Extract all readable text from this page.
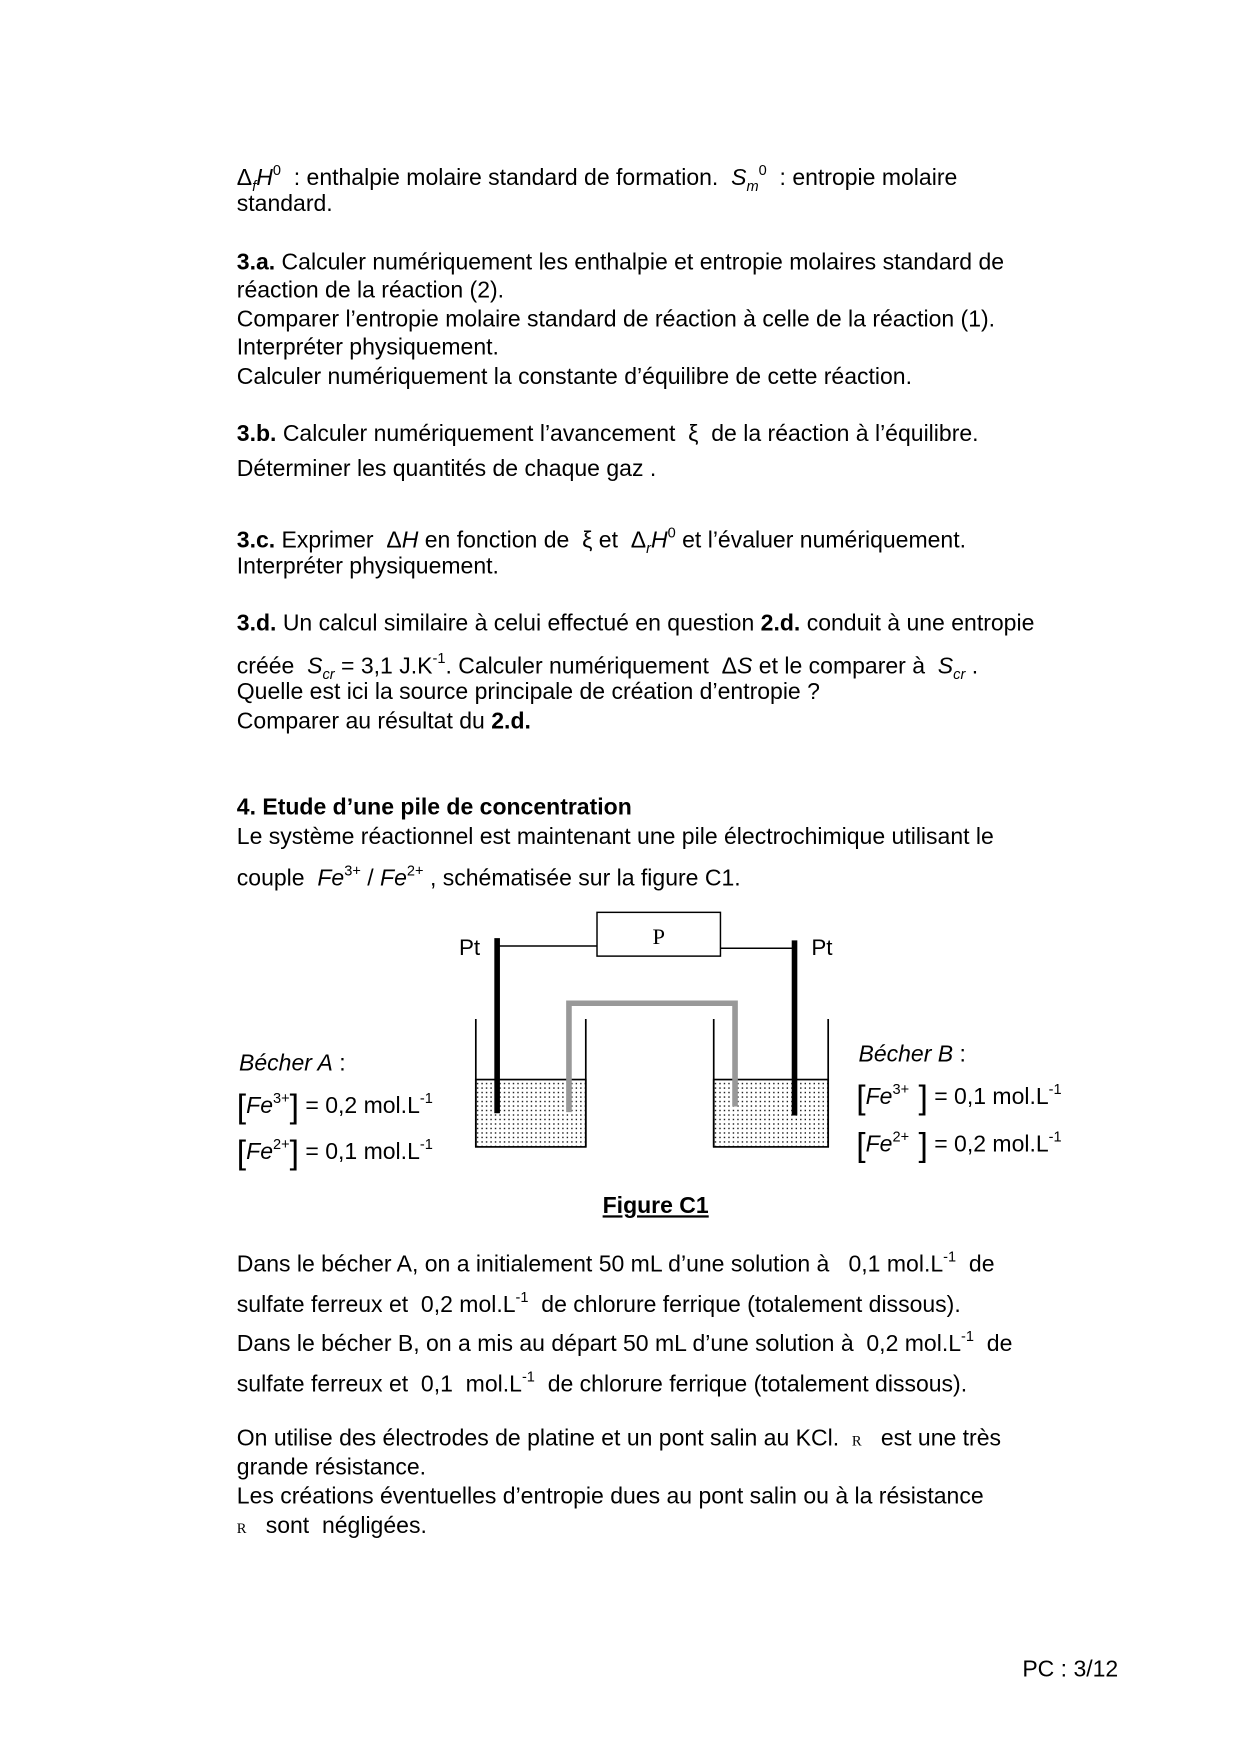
$\Delta_fH^0$  : enthalpie molaire standard de formation.  $S_m^0$  : entropie molaire
standard.
3.a. Calculer numériquement les enthalpie et entropie molaires standard de
réaction de la réaction (2).
Comparer l’entropie molaire standard de réaction à celle de la réaction (1).
Interpréter physiquement.
Calculer numériquement la constante d’équilibre de cette réaction.
3.b. Calculer numériquement l’avancement  ξ  de la réaction à l’équilibre.
Déterminer les quantités de chaque gaz .
3.c. Exprimer  ΔH en fonction de  ξ et  $\Delta_rH^0$ et l’évaluer numériquement.
Interpréter physiquement.
3.d. Un calcul similaire à celui effectué en question 2.d. conduit à une entropie
créée  $S_{cr} = 3,1$ $J.K^{-1}$. Calculer numériquement  ΔS et le comparer à  $S_{cr}$ .
Quelle est ici la source principale de création d’entropie ?
Comparer au résultat du 2.d.
4. Etude d’une pile de concentration
Le système réactionnel est maintenant une pile électrochimique utilisant le
couple  $Fe^{3+} / Fe^{2+}$ , schématisée sur la figure C1.
Dans le bécher A, on a initialement 50 mL d’une solution à   0,1 $mol.L^{-1}$  de
sulfate ferreux et  0,2 $mol.L^{-1}$  de chlorure ferrique (totalement dissous).
Dans le bécher B, on a mis au départ 50 mL d’une solution à  0,2 $mol.L^{-1}$  de
sulfate ferreux et  0,1  $mol.L^{-1}$  de chlorure ferrique (totalement dissous).
On utilise des électrodes de platine et un pont salin au KCl.  R   est une très
grande résistance.
Les créations éventuelles d’entropie dues au pont salin ou à la résistance
R   sont  négligées.
P
Pt	Pt
Bécher A :
$[Fe^{3+}] = 0,2$ $mol.L^{-1}$
$[Fe^{2+}] = 0,1$ $mol.L^{-1}$
Bécher B :
[$Fe^{3+}$ ] = 0,1 $mol.L^{-1}$
[$Fe^{2+}$ ] = 0,2 $mol.L^{-1}$
Figure C1
PC : 3/12
